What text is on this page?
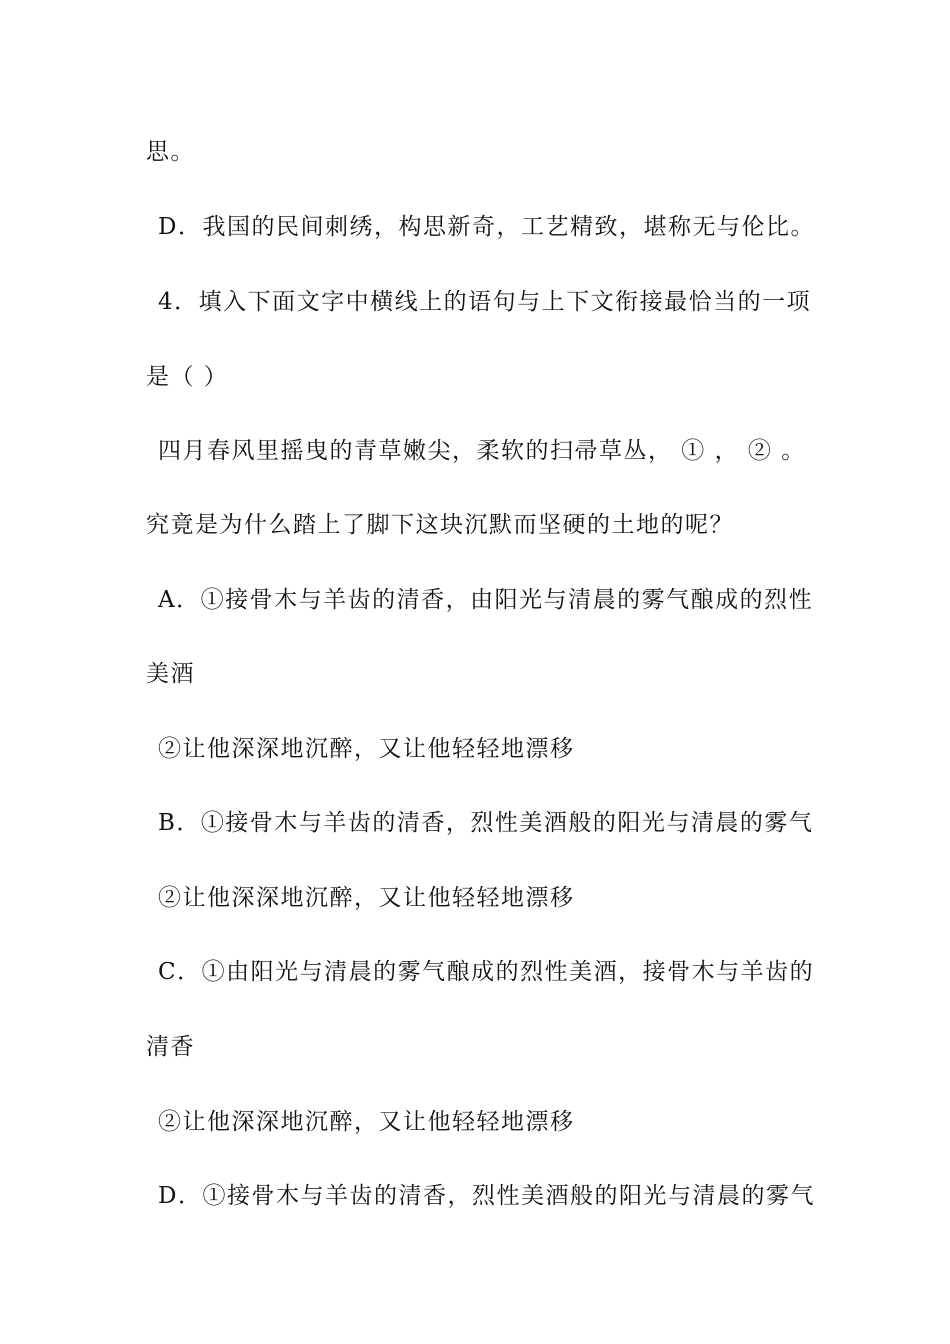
思。
D．我国的民间刺绣，构思新奇，工艺精致，堪称无与伦比。
4．填入下面文字中横线上的语句与上下文衔接最恰当的一项
是（ ）
四月春风里摇曳的青草嫩尖，柔软的扫帚草丛， ① ， ② 。
究竟是为什么踏上了脚下这块沉默而坚硬的土地的呢？
A．①接骨木与羊齿的清香，由阳光与清晨的雾气酿成的烈性
美酒
②让他深深地沉醉，又让他轻轻地漂移
B．①接骨木与羊齿的清香，烈性美酒般的阳光与清晨的雾气
②让他深深地沉醉，又让他轻轻地漂移
C．①由阳光与清晨的雾气酿成的烈性美酒，接骨木与羊齿的
清香
②让他深深地沉醉，又让他轻轻地漂移
D．①接骨木与羊齿的清香，烈性美酒般的阳光与清晨的雾气
